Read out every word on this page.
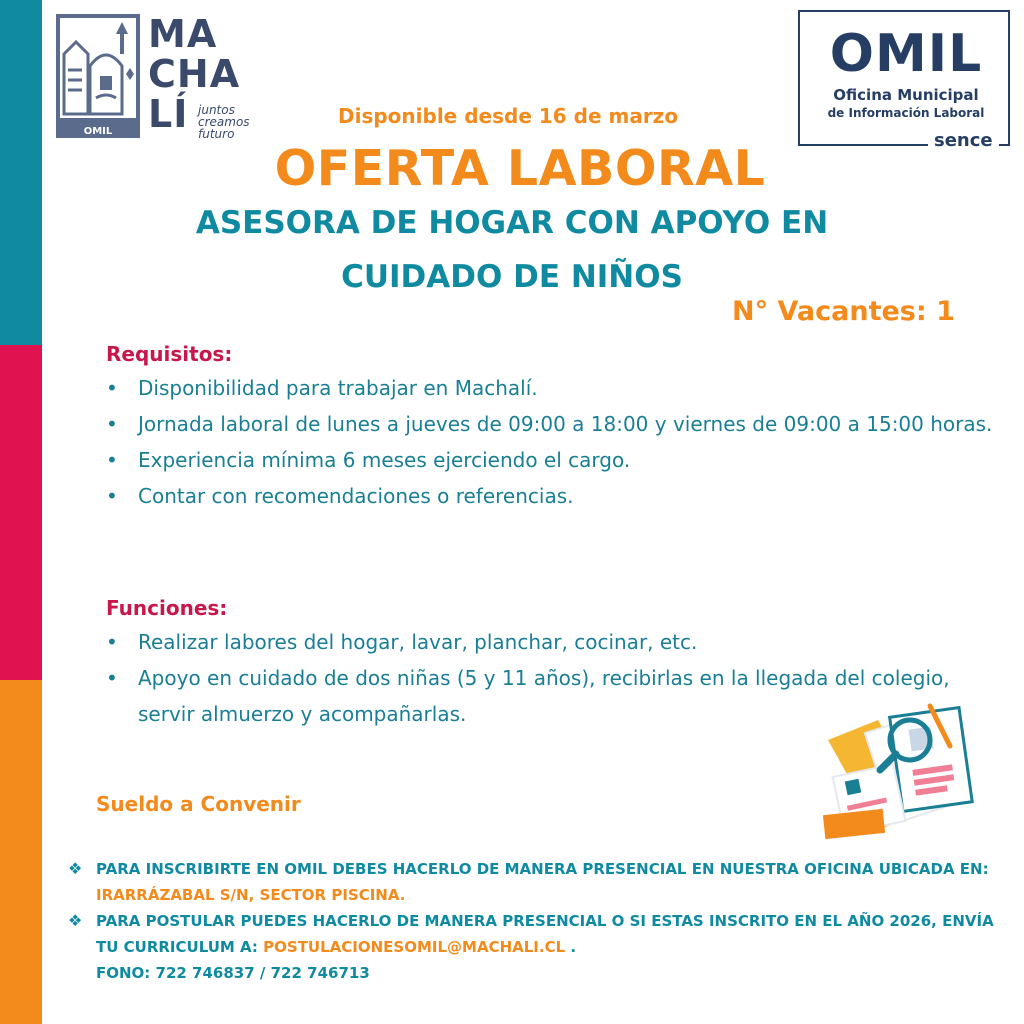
OMIL
MA
CHA
LÍ juntos
creamos
futuro
OMIL
Oficina Municipal
de Información Laboral
sence
Disponible desde 16 de marzo
OFERTA LABORAL
ASESORA DE HOGAR CON APOYO EN
CUIDADO DE NIÑOS
N° Vacantes: 1
Requisitos:
• Disponibilidad para trabajar en Machalí.
• Jornada laboral de lunes a jueves de 09:00 a 18:00 y viernes de 09:00 a 15:00 horas.
• Experiencia mínima 6 meses ejerciendo el cargo.
• Contar con recomendaciones o referencias.
Funciones:
• Realizar labores del hogar, lavar, planchar, cocinar, etc.
• Apoyo en cuidado de dos niñas (5 y 11 años), recibirlas en la llegada del colegio, servir almuerzo y acompañarlas.
Sueldo a Convenir
❖ PARA INSCRIBIRTE EN OMIL DEBES HACERLO DE MANERA PRESENCIAL EN NUESTRA OFICINA UBICADA EN: IRARRÁZABAL S/N, SECTOR PISCINA.
❖ PARA POSTULAR PUEDES HACERLO DE MANERA PRESENCIAL O SI ESTAS INSCRITO EN EL AÑO 2026, ENVÍA TU CURRICULUM A: POSTULACIONESOMIL@MACHALI.CL .
FONO: 722 746837 / 722 746713
